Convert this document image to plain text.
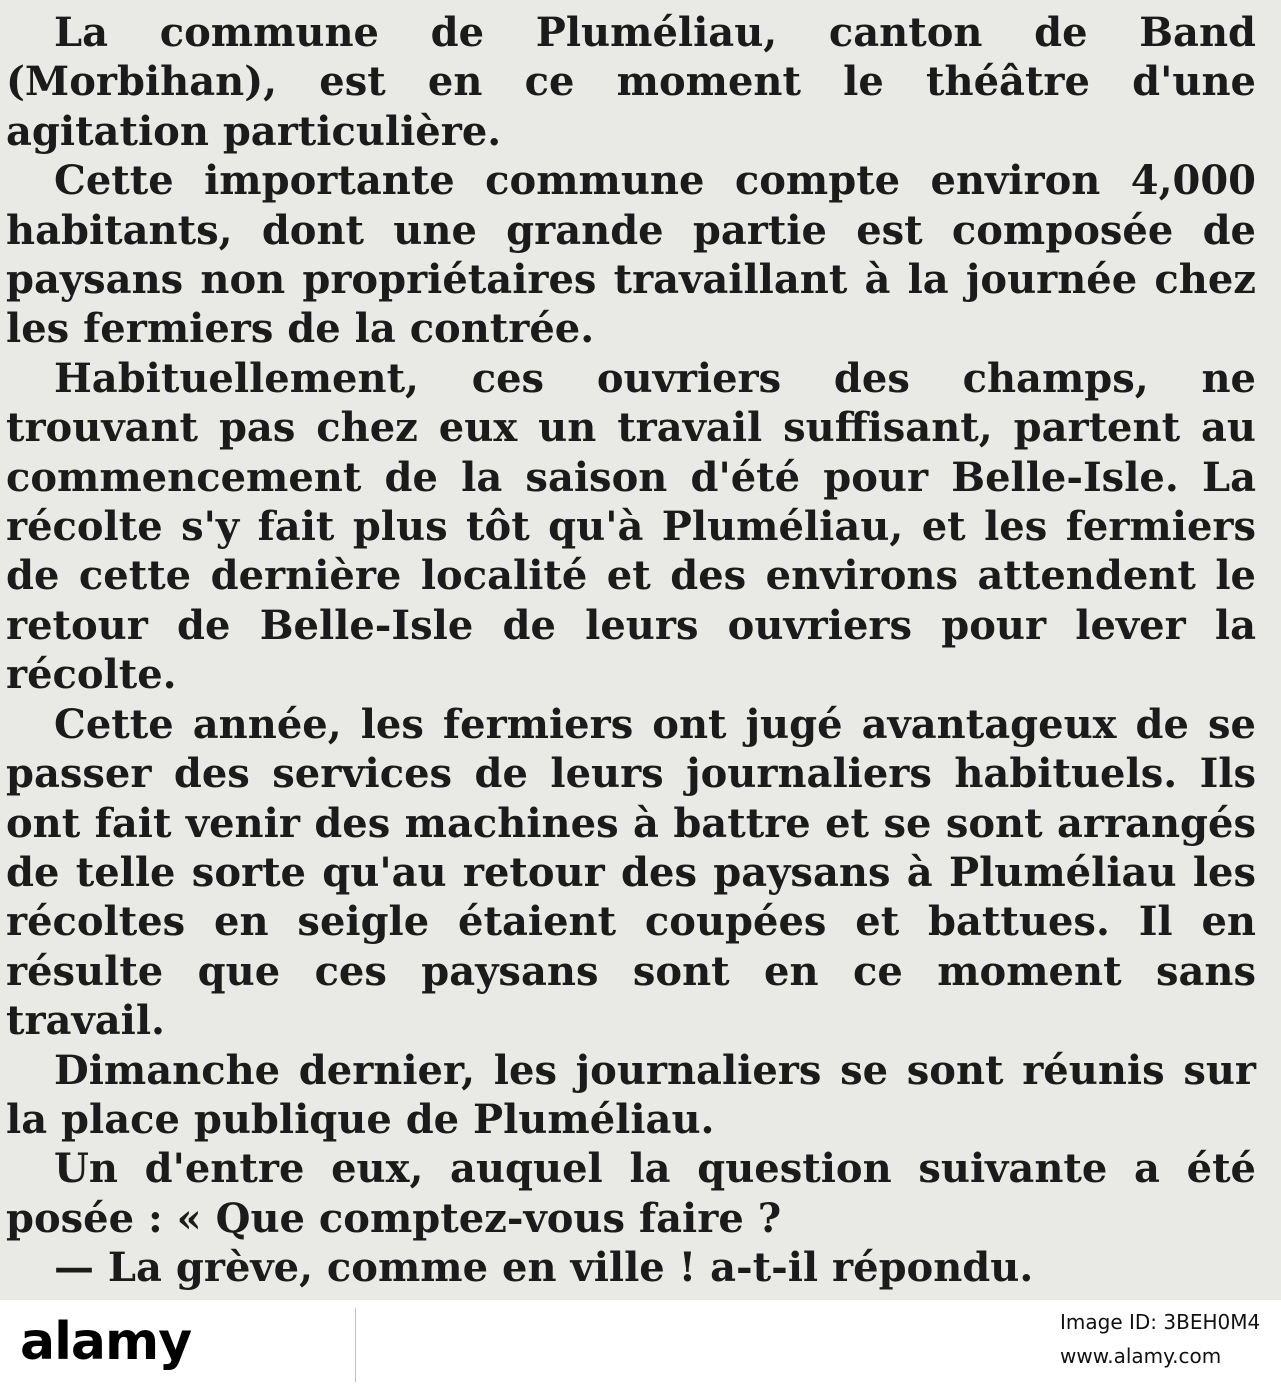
La commune de Pluméliau, canton de Band (Morbihan), est en ce moment le théâtre d'une agitation particulière.

Cette importante commune compte environ 4,000 habitants, dont une grande partie est composée de paysans non propriétaires travaillant à la journée chez les fermiers de la contrée.

Habituellement, ces ouvriers des champs, ne trouvant pas chez eux un travail suffisant, partent au commencement de la saison d'été pour Belle-Isle. La récolte s'y fait plus tôt qu'à Pluméliau, et les fermiers de cette dernière localité et des environs attendent le retour de Belle-Isle de leurs ouvriers pour lever la récolte.

Cette année, les fermiers ont jugé avantageux de se passer des services de leurs journaliers habituels. Ils ont fait venir des machines à battre et se sont arrangés de telle sorte qu'au retour des paysans à Pluméliau les récoltes en seigle étaient coupées et battues. Il en résulte que ces paysans sont en ce moment sans travail.

Dimanche dernier, les journaliers se sont réunis sur la place publique de Pluméliau.

Un d'entre eux, auquel la question suivante a été posée : « Que comptez-vous faire ?

— La grève, comme en ville ! a-t-il répondu.

alamy	Image ID: 3BEH0M4
www.alamy.com
